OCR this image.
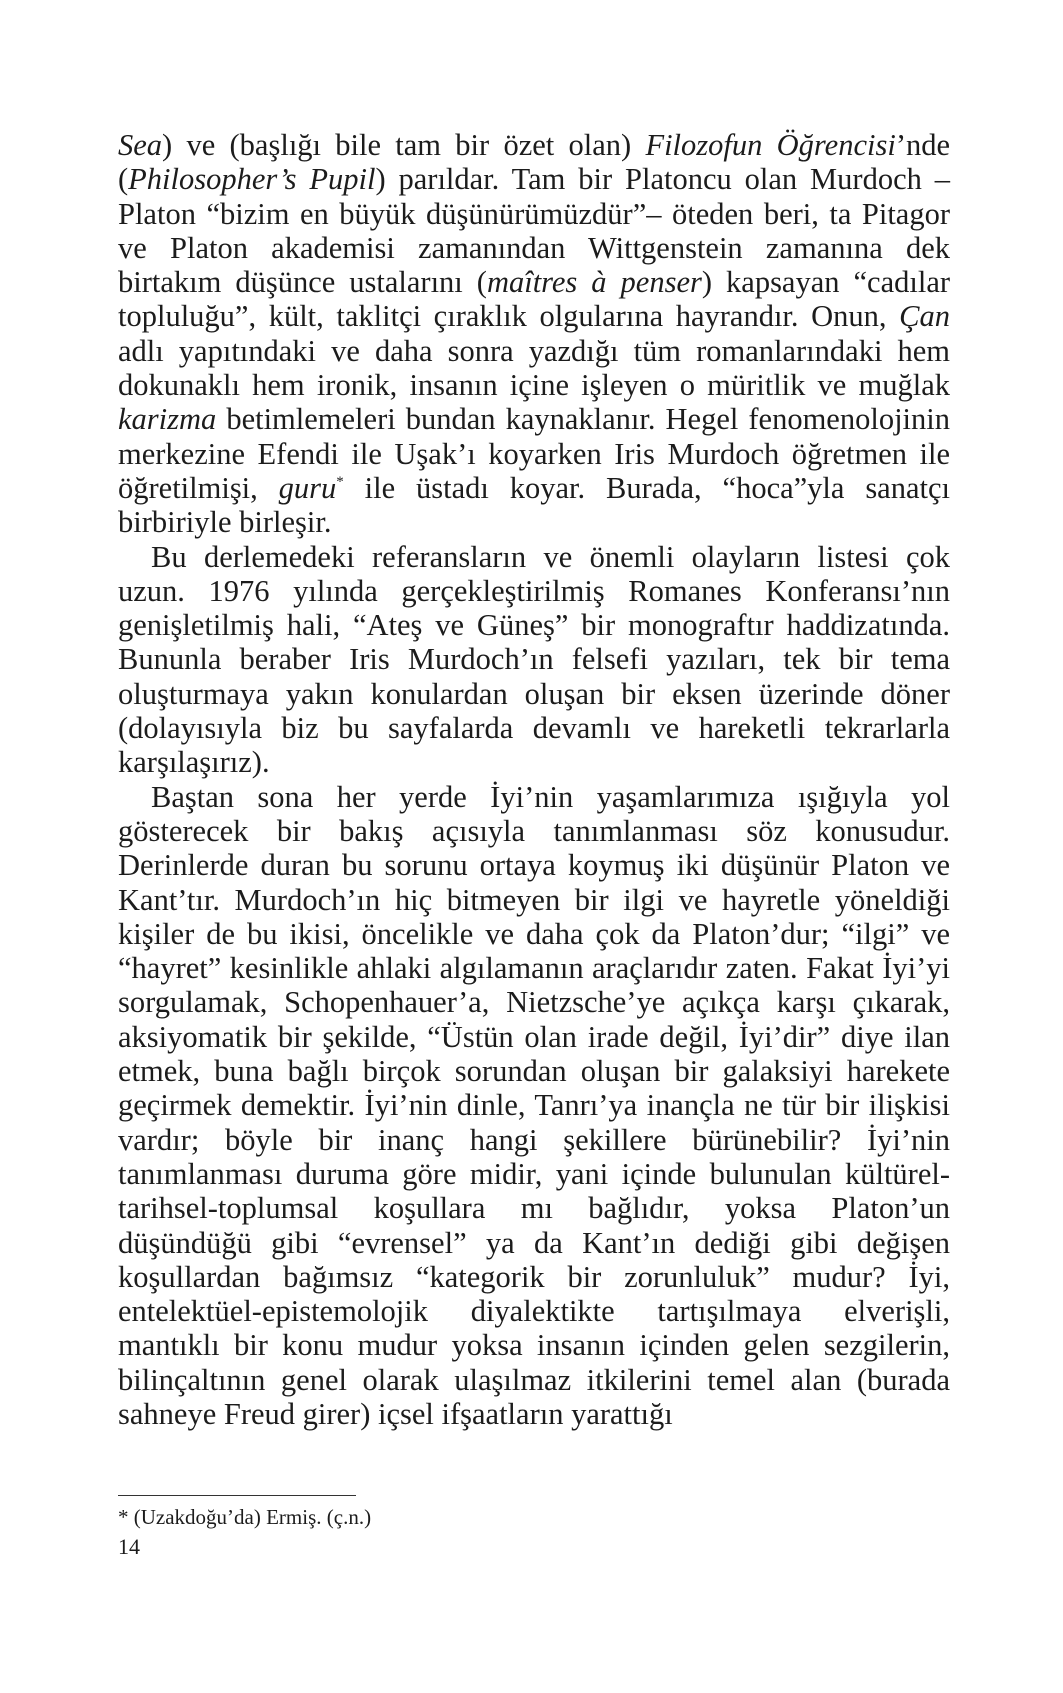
Sea) ve (başlığı bile tam bir özet olan) Filozofun Öğrencisi’nde (Philosopher’s Pupil) parıldar. Tam bir Platoncu olan Murdoch –Platon “bizim en büyük düşünürümüzdür”– öteden beri, ta Pitagor ve Platon akademisi zamanından Wittgenstein zamanına dek birtakım düşünce ustalarını (maîtres à penser) kapsayan “cadılar topluluğu”, kült, taklitçi çıraklık olgularına hayrandır. Onun, Çan adlı yapıtındaki ve daha sonra yazdığı tüm romanlarındaki hem dokunaklı hem ironik, insanın içine işleyen o müritlik ve muğlak karizma betimlemeleri bundan kaynaklanır. Hegel fenomenolojinin merkezine Efendi ile Uşak’ı koyarken Iris Murdoch öğretmen ile öğretilmişi, guru* ile üstadı koyar. Burada, “hoca”yla sanatçı birbiriyle birleşir.

Bu derlemedeki referansların ve önemli olayların listesi çok uzun. 1976 yılında gerçekleştirilmiş Romanes Konferansı’nın genişletilmiş hali, “Ateş ve Güneş” bir monograftır haddizatında. Bununla beraber Iris Murdoch’ın felsefi yazıları, tek bir tema oluşturmaya yakın konulardan oluşan bir eksen üzerinde döner (dolayısıyla biz bu sayfalarda devamlı ve hareketli tekrarlarla karşılaşırız).

Baştan sona her yerde İyi’nin yaşamlarımıza ışığıyla yol gösterecek bir bakış açısıyla tanımlanması söz konusudur. Derinlerde duran bu sorunu ortaya koymuş iki düşünür Platon ve Kant’tır. Murdoch’ın hiç bitmeyen bir ilgi ve hayretle yöneldiği kişiler de bu ikisi, öncelikle ve daha çok da Platon’dur; “ilgi” ve “hayret” kesinlikle ahlaki algılamanın araçlarıdır zaten. Fakat İyi’yi sorgulamak, Schopenhauer’a, Nietzsche’ye açıkça karşı çıkarak, aksiyomatik bir şekilde, “Üstün olan irade değil, İyi’dir” diye ilan etmek, buna bağlı birçok sorundan oluşan bir galaksiyi harekete geçirmek demektir. İyi’nin dinle, Tanrı’ya inançla ne tür bir ilişkisi vardır; böyle bir inanç hangi şekillere bürünebilir? İyi’nin tanımlanması duruma göre midir, yani içinde bulunulan kültürel-tarihsel-toplumsal koşullara mı bağlıdır, yoksa Platon’un düşündüğü gibi “evrensel” ya da Kant’ın dediği gibi değişen koşullardan bağımsız “kategorik bir zorunluluk” mudur? İyi, entelektüel-epistemolojik diyalektikte tartışılmaya elverişli, mantıklı bir konu mudur yoksa insanın içinden gelen sezgilerin, bilinçaltının genel olarak ulaşılmaz itkilerini temel alan (burada sahneye Freud girer) içsel ifşaatların yarattığı

* (Uzakdoğu’da) Ermiş. (ç.n.)
14
